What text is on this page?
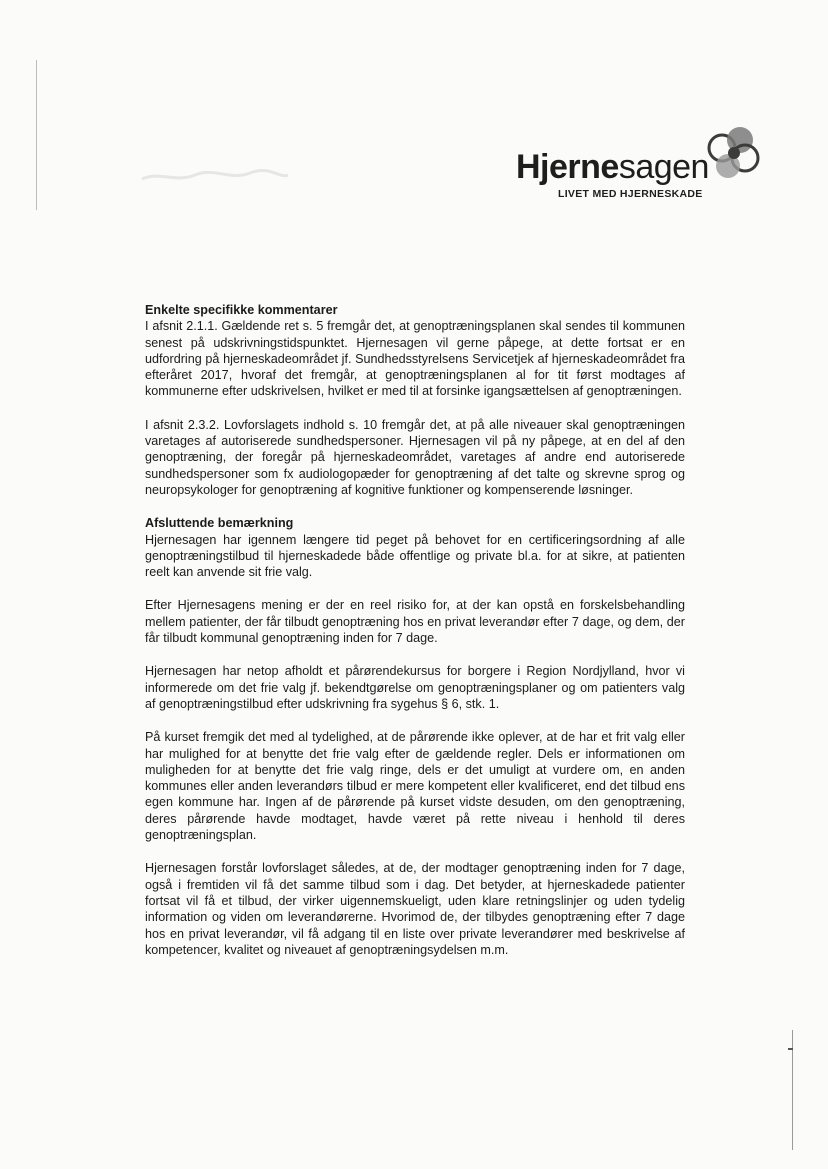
Hjernesagen
LIVET MED HJERNESKADE
Enkelte specifikke kommentarer

I afsnit 2.1.1. Gældende ret s. 5 fremgår det, at genoptræningsplanen skal sendes til kommunen senest på udskrivningstidspunktet. Hjernesagen vil gerne påpege, at dette fortsat er en udfordring på hjerneskadeområdet jf. Sundhedsstyrelsens Servicetjek af hjerneskadeområdet fra efteråret 2017, hvoraf det fremgår, at genoptræningsplanen al for tit først modtages af kommunerne efter udskrivelsen, hvilket er med til at forsinke igangsættelsen af genoptræningen.

I afsnit 2.3.2. Lovforslagets indhold s. 10 fremgår det, at på alle niveauer skal genoptræningen varetages af autoriserede sundhedspersoner. Hjernesagen vil på ny påpege, at en del af den genoptræning, der foregår på hjerneskadeområdet, varetages af andre end autoriserede sundhedspersoner som fx audiologopæder for genoptræning af det talte og skrevne sprog og neuropsykologer for genoptræning af kognitive funktioner og kompenserende løsninger.

Afsluttende bemærkning

Hjernesagen har igennem længere tid peget på behovet for en certificeringsordning af alle genoptræningstilbud til hjerneskadede både offentlige og private bl.a. for at sikre, at patienten reelt kan anvende sit frie valg.

Efter Hjernesagens mening er der en reel risiko for, at der kan opstå en forskelsbehandling mellem patienter, der får tilbudt genoptræning hos en privat leverandør efter 7 dage, og dem, der får tilbudt kommunal genoptræning inden for 7 dage.

Hjernesagen har netop afholdt et pårørendekursus for borgere i Region Nordjylland, hvor vi informerede om det frie valg jf. bekendtgørelse om genoptræningsplaner og om patienters valg af genoptræningstilbud efter udskrivning fra sygehus § 6, stk. 1.

På kurset fremgik det med al tydelighed, at de pårørende ikke oplever, at de har et frit valg eller har mulighed for at benytte det frie valg efter de gældende regler. Dels er informationen om muligheden for at benytte det frie valg ringe, dels er det umuligt at vurdere om, en anden kommunes eller anden leverandørs tilbud er mere kompetent eller kvalificeret, end det tilbud ens egen kommune har. Ingen af de pårørende på kurset vidste desuden, om den genoptræning, deres pårørende havde modtaget, havde været på rette niveau i henhold til deres genoptræningsplan.

Hjernesagen forstår lovforslaget således, at de, der modtager genoptræning inden for 7 dage, også i fremtiden vil få det samme tilbud som i dag. Det betyder, at hjerneskadede patienter fortsat vil få et tilbud, der virker uigennemskueligt, uden klare retningslinjer og uden tydelig information og viden om leverandørerne. Hvorimod de, der tilbydes genoptræning efter 7 dage hos en privat leverandør, vil få adgang til en liste over private leverandører med beskrivelse af kompetencer, kvalitet og niveauet af genoptræningsydelsen m.m.
